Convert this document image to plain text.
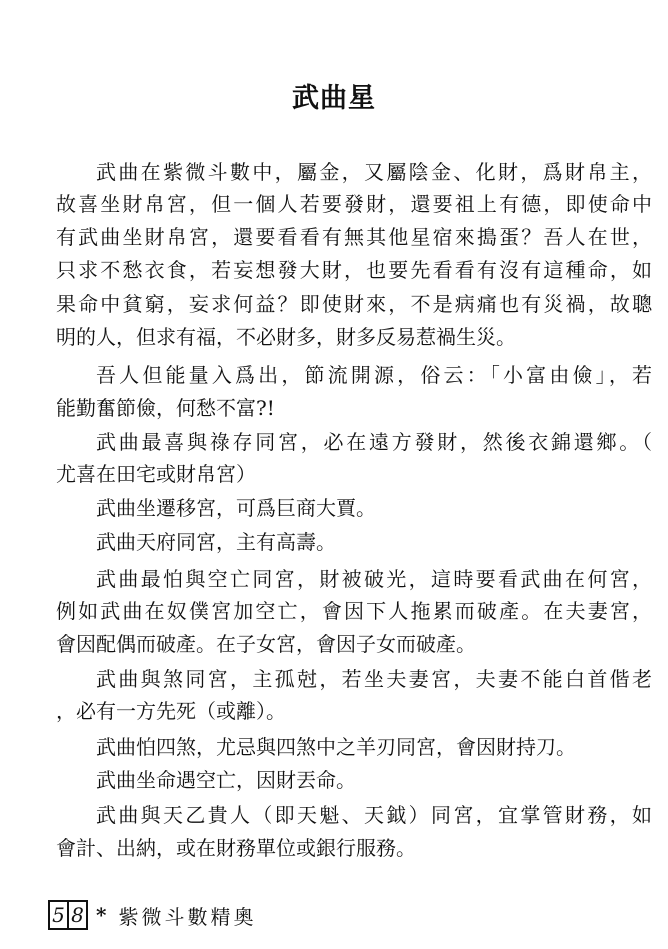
武曲星
武曲在紫微斗數中，屬金，又屬陰金、化財，爲財帛主，
故喜坐財帛宮，但一個人若要發財，還要祖上有德，即使命中
有武曲坐財帛宮，還要看看有無其他星宿來搗蛋？吾人在世，
只求不愁衣食，若妄想發大財，也要先看看有沒有這種命，如
果命中貧窮，妄求何益？即使財來，不是病痛也有災禍，故聰
明的人，但求有福，不必財多，財多反易惹禍生災。
吾人但能量入爲出，節流開源，俗云：「小富由儉」，若
能勤奮節儉，何愁不富?!
武曲最喜與祿存同宮，必在遠方發財，然後衣錦還鄉。（
尤喜在田宅或財帛宮）
武曲坐遷移宮，可爲巨商大賈。
武曲天府同宮，主有高壽。
武曲最怕與空亡同宮，財被破光，這時要看武曲在何宮，
例如武曲在奴僕宮加空亡，會因下人拖累而破產。在夫妻宮，
會因配偶而破產。在子女宮，會因子女而破產。
武曲與煞同宮，主孤尅，若坐夫妻宮，夫妻不能白首偕老
，必有一方先死（或離）。
武曲怕四煞，尤忌與四煞中之羊刃同宮，會因財持刀。
武曲坐命遇空亡，因財丟命。
武曲與天乙貴人（即天魁、天鉞）同宮，宜掌管財務，如
會計、出納，或在財務單位或銀行服務。
5 8 * 紫微斗數精奧
